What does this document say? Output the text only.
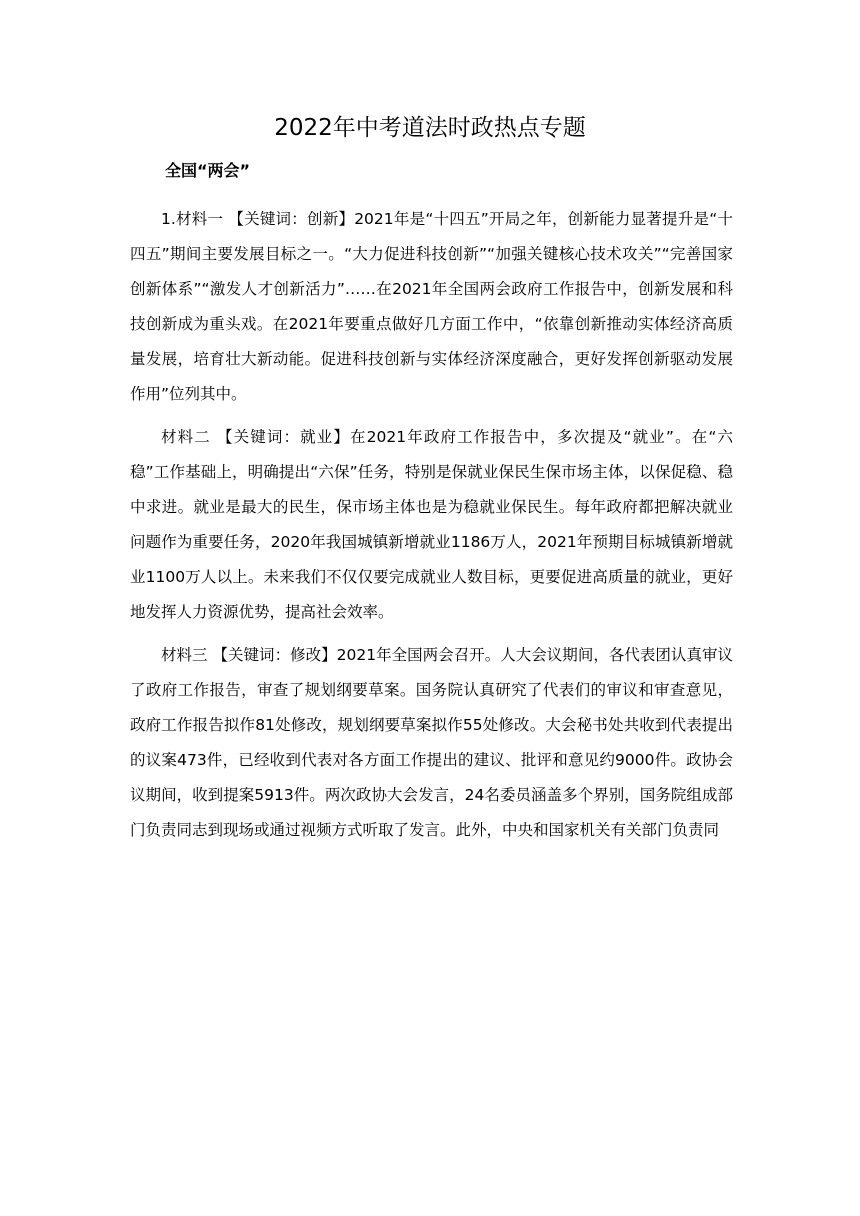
2022年中考道法时政热点专题
全国“两会”

1.材料一 【关键词：创新】2021年是“十四五”开局之年，创新能力显著提升是“十四五”期间主要发展目标之一。“大力促进科技创新”“加强关键核心技术攻关”“完善国家创新体系”“激发人才创新活力”……在2021年全国两会政府工作报告中，创新发展和科技创新成为重头戏。在2021年要重点做好几方面工作中，“依靠创新推动实体经济高质量发展，培育壮大新动能。促进科技创新与实体经济深度融合，更好发挥创新驱动发展作用”位列其中。

材料二 【关键词：就业】在2021年政府工作报告中，多次提及“就业”。在“六稳”工作基础上，明确提出“六保”任务，特别是保就业保民生保市场主体，以保促稳、稳中求进。就业是最大的民生，保市场主体也是为稳就业保民生。每年政府都把解决就业问题作为重要任务，2020年我国城镇新增就业1186万人，2021年预期目标城镇新增就业1100万人以上。未来我们不仅仅要完成就业人数目标，更要促进高质量的就业，更好地发挥人力资源优势，提高社会效率。

材料三 【关键词：修改】2021年全国两会召开。人大会议期间，各代表团认真审议了政府工作报告，审查了规划纲要草案。国务院认真研究了代表们的审议和审查意见，政府工作报告拟作81处修改，规划纲要草案拟作55处修改。大会秘书处共收到代表提出的议案473件，已经收到代表对各方面工作提出的建议、批评和意见约9000件。政协会议期间，收到提案5913件。两次政协大会发言，24名委员涵盖多个界别，国务院组成部门负责同志到现场或通过视频方式听取了发言。此外，中央和国家机关有关部门负责同
